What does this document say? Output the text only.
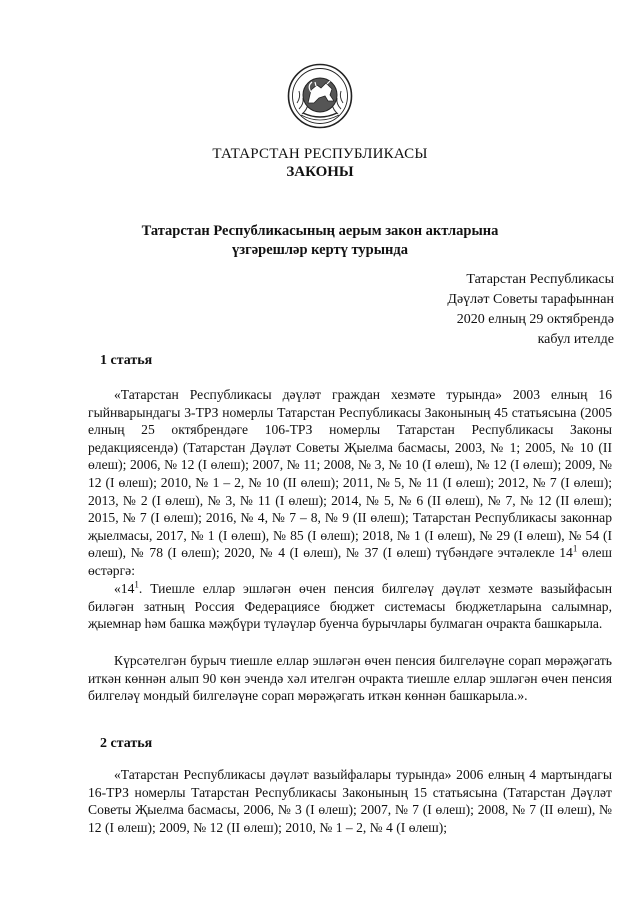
ТАТАРСТАН РЕСПУБЛИКАСЫ
ЗАКОНЫ
Татарстан Республикасының аерым закон актларына
үзгәрешләр кертү турында
Татарстан Республикасы
Дәүләт Советы тарафыннан
2020 елның 29 октябрендә
кабул ителде
1 статья
«Татарстан Республикасы дәүләт граждан хезмәте турында» 2003 елның 16 гыйнварындагы 3-ТРЗ номерлы Татарстан Республикасы Законының 45 статьясына (2005 елның 25 октябрендәге 106-ТРЗ номерлы Татарстан Республикасы Законы редакциясендә) (Татарстан Дәүләт Советы Җыелма басмасы, 2003, № 1; 2005, № 10 (II өлеш); 2006, № 12 (I өлеш); 2007, № 11; 2008, № 3, № 10 (I өлеш), № 12 (I өлеш); 2009, № 12 (I өлеш); 2010, № 1 – 2, № 10 (II өлеш); 2011, № 5, № 11 (I өлеш); 2012, № 7 (I өлеш); 2013, № 2 (I өлеш), № 3, № 11 (I өлеш); 2014, № 5, № 6 (II өлеш), № 7, № 12 (II өлеш); 2015, № 7 (I өлеш); 2016, № 4, № 7 – 8, № 9 (II өлеш); Татарстан Республикасы законнар җыелмасы, 2017, № 1 (I өлеш), № 85 (I өлеш); 2018, № 1 (I өлеш), № 29 (I өлеш), № 54 (I өлеш), № 78 (I өлеш); 2020, № 4 (I өлеш), № 37 (I өлеш) түбәндәге эчтәлекле $14^1$ өлеш өстәргә:
«$14^1$. Тиешле еллар эшләгән өчен пенсия билгеләү дәүләт хезмәте вазыйфасын биләгән затның Россия Федерациясе бюджет системасы бюджетларына салымнар, җыемнар һәм башка мәҗбүри түләүләр буенча бурычлары булмаган очракта башкарыла.
Күрсәтелгән бурыч тиешле еллар эшләгән өчен пенсия билгеләүне сорап мөрәҗәгать иткән көннән алып 90 көн эчендә хәл ителгән очракта тиешле еллар эшләгән өчен пенсия билгеләү мондый билгеләүне сорап мөрәҗәгать иткән көннән башкарыла.».
2 статья
«Татарстан Республикасы дәүләт вазыйфалары турында» 2006 елның 4 мартындагы 16-ТРЗ номерлы Татарстан Республикасы Законының 15 статьясына (Татарстан Дәүләт Советы Җыелма басмасы, 2006, № 3 (I өлеш); 2007, № 7 (I өлеш); 2008, № 7 (II өлеш), № 12 (I өлеш); 2009, № 12 (II өлеш); 2010, № 1 – 2, № 4 (I өлеш);
